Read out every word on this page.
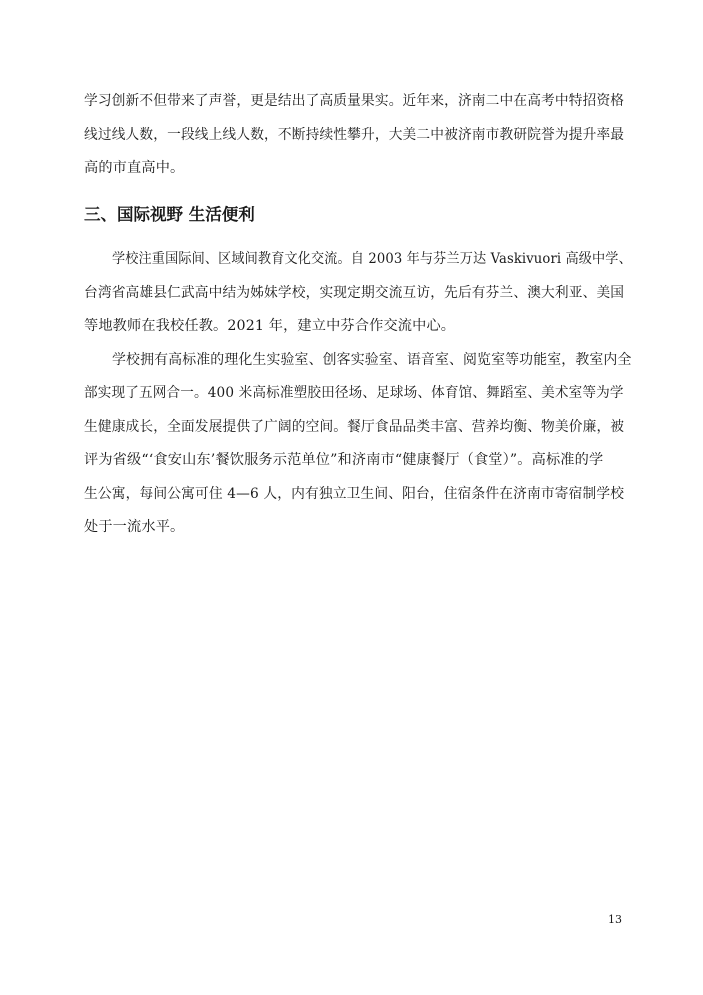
学习创新不但带来了声誉，更是结出了高质量果实。近年来，济南二中在高考中特招资格
线过线人数，一段线上线人数，不断持续性攀升，大美二中被济南市教研院誉为提升率最
高的市直高中。
三、国际视野 生活便利
学校注重国际间、区域间教育文化交流。自 2003 年与芬兰万达 Vaskivuori 高级中学、
台湾省高雄县仁武高中结为姊妹学校，实现定期交流互访，先后有芬兰、澳大利亚、美国
等地教师在我校任教。2021 年，建立中芬合作交流中心。
学校拥有高标准的理化生实验室、创客实验室、语音室、阅览室等功能室，教室内全
部实现了五网合一。400 米高标准塑胶田径场、足球场、体育馆、舞蹈室、美术室等为学
生健康成长，全面发展提供了广阔的空间。餐厅食品品类丰富、营养均衡、物美价廉，被
评为省级“‘食安山东’餐饮服务示范单位”和济南市“健康餐厅（食堂）”。高标准的学
生公寓，每间公寓可住 4—6 人，内有独立卫生间、阳台，住宿条件在济南市寄宿制学校
处于一流水平。
13
